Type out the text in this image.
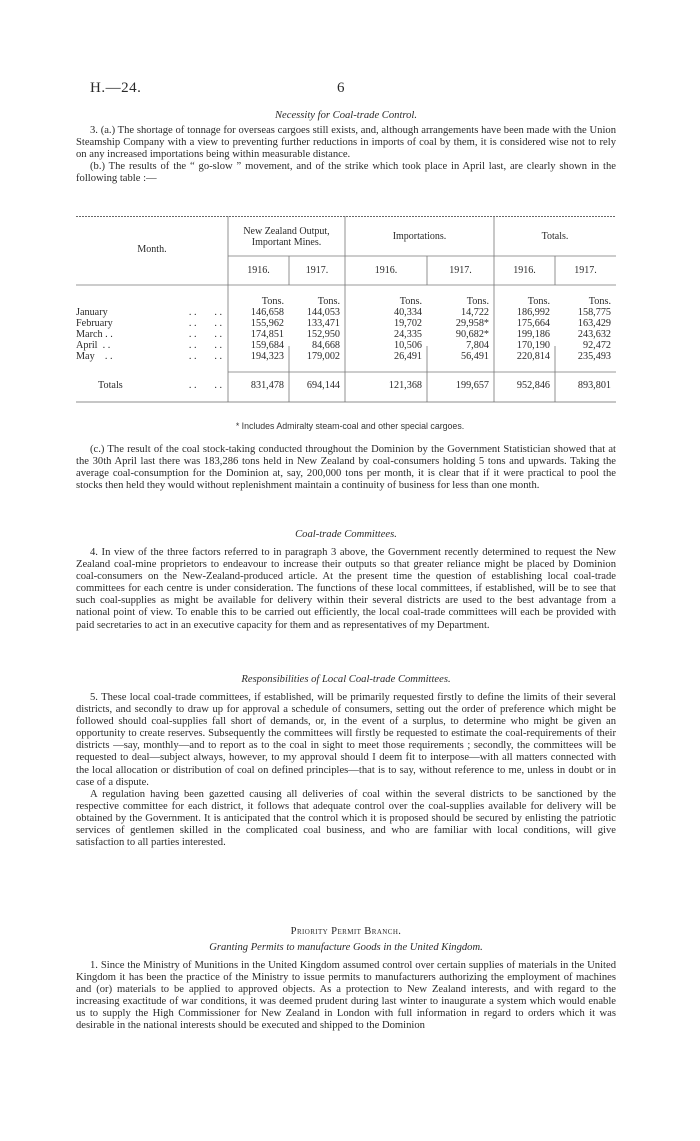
H.—24.	6
Necessity for Coal-trade Control.

3. (a.) The shortage of tonnage for overseas cargoes still exists, and, although arrangements have been made with the Union Steamship Company with a view to preventing further reductions in imports of coal by them, it is considered wise not to rely on any increased importations being within measurable distance.

(b.) The results of the “ go-slow ” movement, and of the strike which took place in April last, are clearly shown in the following table :—

Month.
New Zealand Output, Important Mines.
Importations.	Totals.
1916.	1917.	1916.	1917.	1916.	1917.
		Tons.	Tons.	Tons.	Tons.	Tons.	Tons.
January	. .       . .	146,658	144,053	40,334	14,722	186,992	158,775
February	. .       . .	155,962	133,471	19,702	29,958*	175,664	163,429
March . .	. .       . .	174,851	152,950	24,335	90,682*	199,186	243,632
April  . .	. .       . .	159,684	84,668	10,506	7,804	170,190	92,472
May    . .	. .       . .	194,323	179,002	26,491	56,491	220,814	235,493
Totals	. .       . .	831,478	694,144	121,368	199,657	952,846	893,801
* Includes Admiralty steam-coal and other special cargoes.

(c.) The result of the coal stock-taking conducted throughout the Dominion by the Government Statistician showed that at the 30th April last there was 183,286 tons held in New Zealand by coal-consumers holding 5 tons and upwards. Taking the average coal-consumption for the Dominion at, say, 200,000 tons per month, it is clear that if it were practical to pool the stocks then held they would without replenishment maintain a continuity of business for less than one month.

Coal-trade Committees.

4. In view of the three factors referred to in paragraph 3 above, the Government recently determined to request the New Zealand coal-mine proprietors to endeavour to increase their outputs so that greater reliance might be placed by Dominion coal-consumers on the New-Zealand-produced article. At the present time the question of establishing local coal-trade committees for each centre is under consideration. The functions of these local committees, if established, will be to see that such coal-supplies as might be available for delivery within their several districts are used to the best advantage from a national point of view. To enable this to be carried out efficiently, the local coal-trade committees will each be provided with paid secretaries to act in an executive capacity for them and as representatives of my Department.

Responsibilities of Local Coal-trade Committees.

5. These local coal-trade committees, if established, will be primarily requested firstly to define the limits of their several districts, and secondly to draw up for approval a schedule of consumers, setting out the order of preference which might be followed should coal-supplies fall short of demands, or, in the event of a surplus, to determine who might be given an opportunity to create reserves. Subsequently the committees will firstly be requested to estimate the coal-requirements of their districts —say, monthly—and to report as to the coal in sight to meet those requirements ; secondly, the committees will be requested to deal—subject always, however, to my approval should I deem fit to interpose—with all matters connected with the local allocation or distribution of coal on defined principles—that is to say, without reference to me, unless in doubt or in case of a dispute.

A regulation having been gazetted causing all deliveries of coal within the several districts to be sanctioned by the respective committee for each district, it follows that adequate control over the coal-supplies available for delivery will be obtained by the Government. It is anticipated that the control which it is proposed should be secured by enlisting the patriotic services of gentlemen skilled in the complicated coal business, and who are familiar with local conditions, will give satisfaction to all parties interested.

Priority Permit Branch.
Granting Permits to manufacture Goods in the United Kingdom.

1. Since the Ministry of Munitions in the United Kingdom assumed control over certain supplies of materials in the United Kingdom it has been the practice of the Ministry to issue permits to manufacturers authorizing the employment of machines and (or) materials to be applied to approved objects. As a protection to New Zealand interests, and with regard to the increasing exactitude of war conditions, it was deemed prudent during last winter to inaugurate a system which would enable us to supply the High Commissioner for New Zealand in London with full information in regard to orders which it was desirable in the national interests should be executed and shipped to the Dominion
